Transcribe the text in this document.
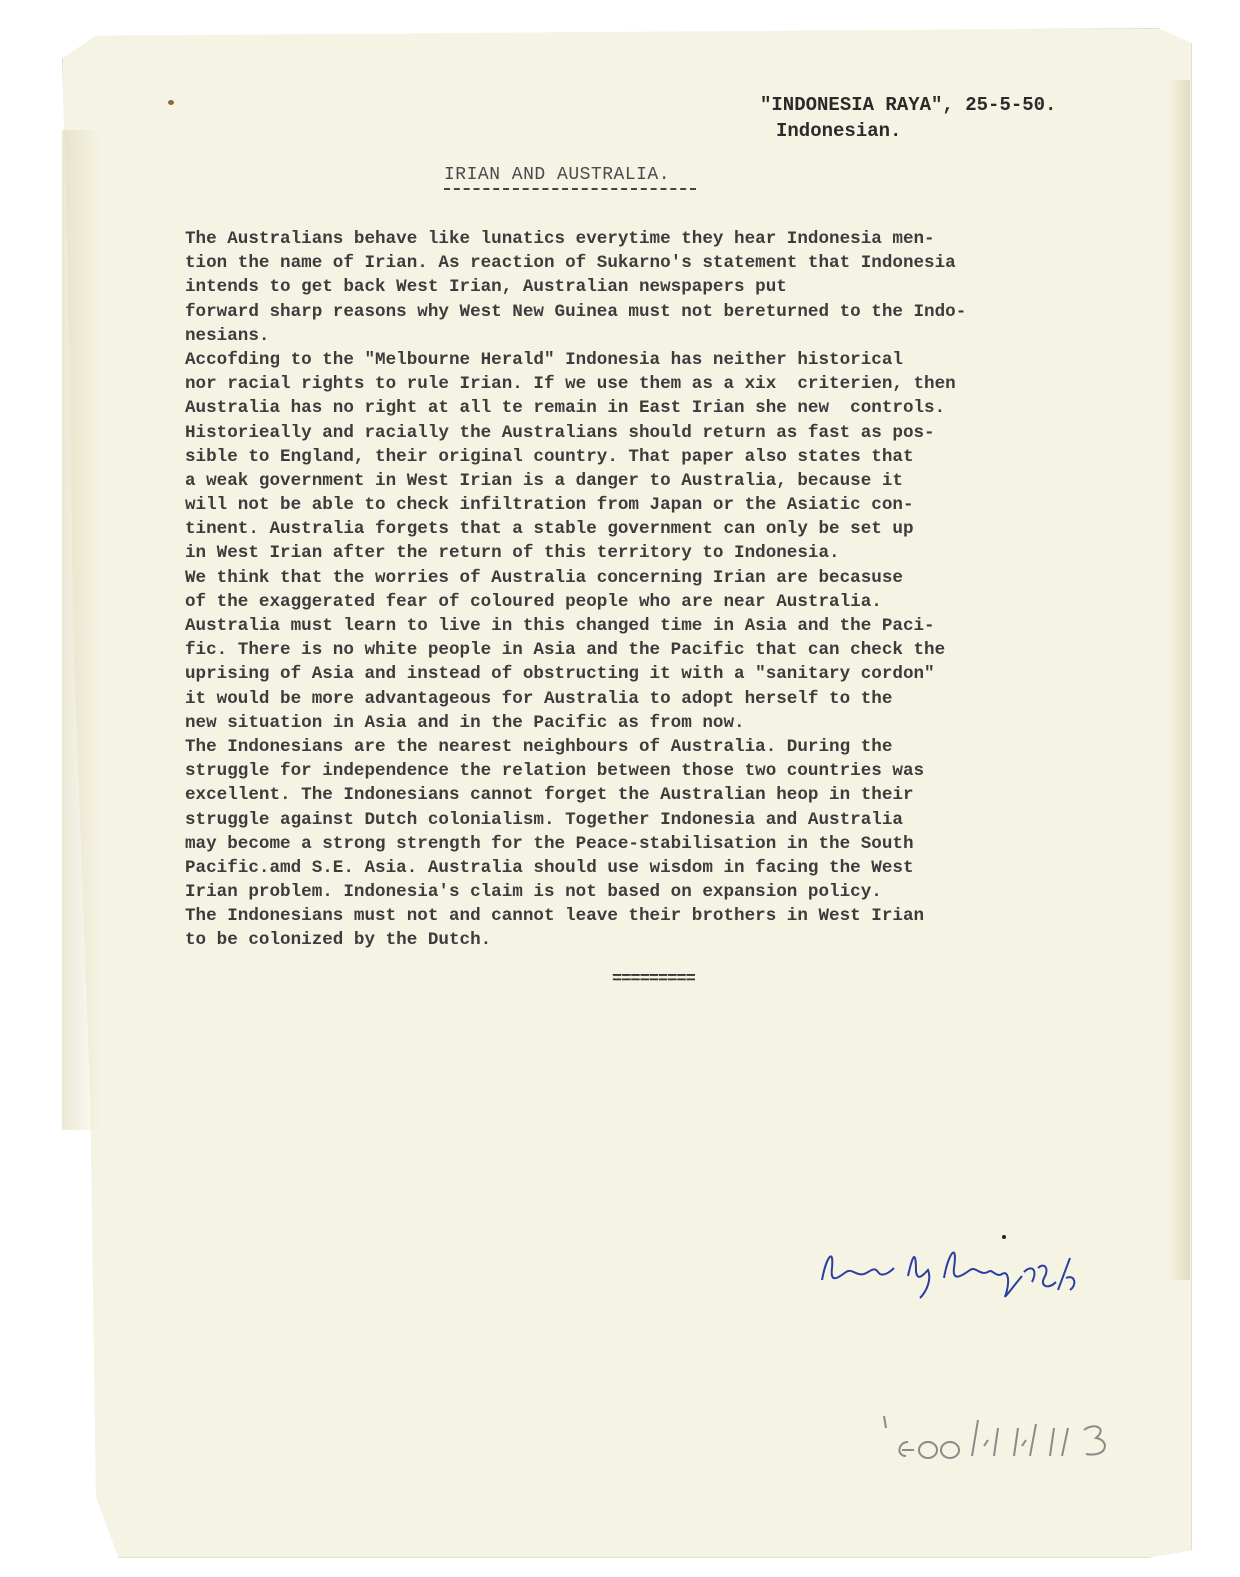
"INDONESIA RAYA", 25-5-50.
Indonesian.
IRIAN AND AUSTRALIA.
The Australians behave like lunatics everytime they hear Indonesia men-
tion the name of Irian. As reaction of Sukarno's statement that Indonesia
intends to get back West Irian, Australian newspapers put
forward sharp reasons why West New Guinea must not bereturned to the Indo-
nesians.
Accofding to the "Melbourne Herald" Indonesia has neither historical
nor racial rights to rule Irian. If we use them as a xix  criterien, then
Australia has no right at all te remain in East Irian she new  controls.
Historieally and racially the Australians should return as fast as pos-
sible to England, their original country. That paper also states that
a weak government in West Irian is a danger to Australia, because it
will not be able to check infiltration from Japan or the Asiatic con-
tinent. Australia forgets that a stable government can only be set up
in West Irian after the return of this territory to Indonesia.
We think that the worries of Australia concerning Irian are becasuse
of the exaggerated fear of coloured people who are near Australia.
Australia must learn to live in this changed time in Asia and the Paci-
fic. There is no white people in Asia and the Pacific that can check the
uprising of Asia and instead of obstructing it with a "sanitary cordon"
it would be more advantageous for Australia to adopt herself to the
new situation in Asia and in the Pacific as from now.
The Indonesians are the nearest neighbours of Australia. During the
struggle for independence the relation between those two countries was
excellent. The Indonesians cannot forget the Australian heop in their
struggle against Dutch colonialism. Together Indonesia and Australia
may become a strong strength for the Peace-stabilisation in the South
Pacific.amd S.E. Asia. Australia should use wisdom in facing the West
Irian problem. Indonesia's claim is not based on expansion policy.
The Indonesians must not and cannot leave their brothers in West Irian
to be colonized by the Dutch.
=========
